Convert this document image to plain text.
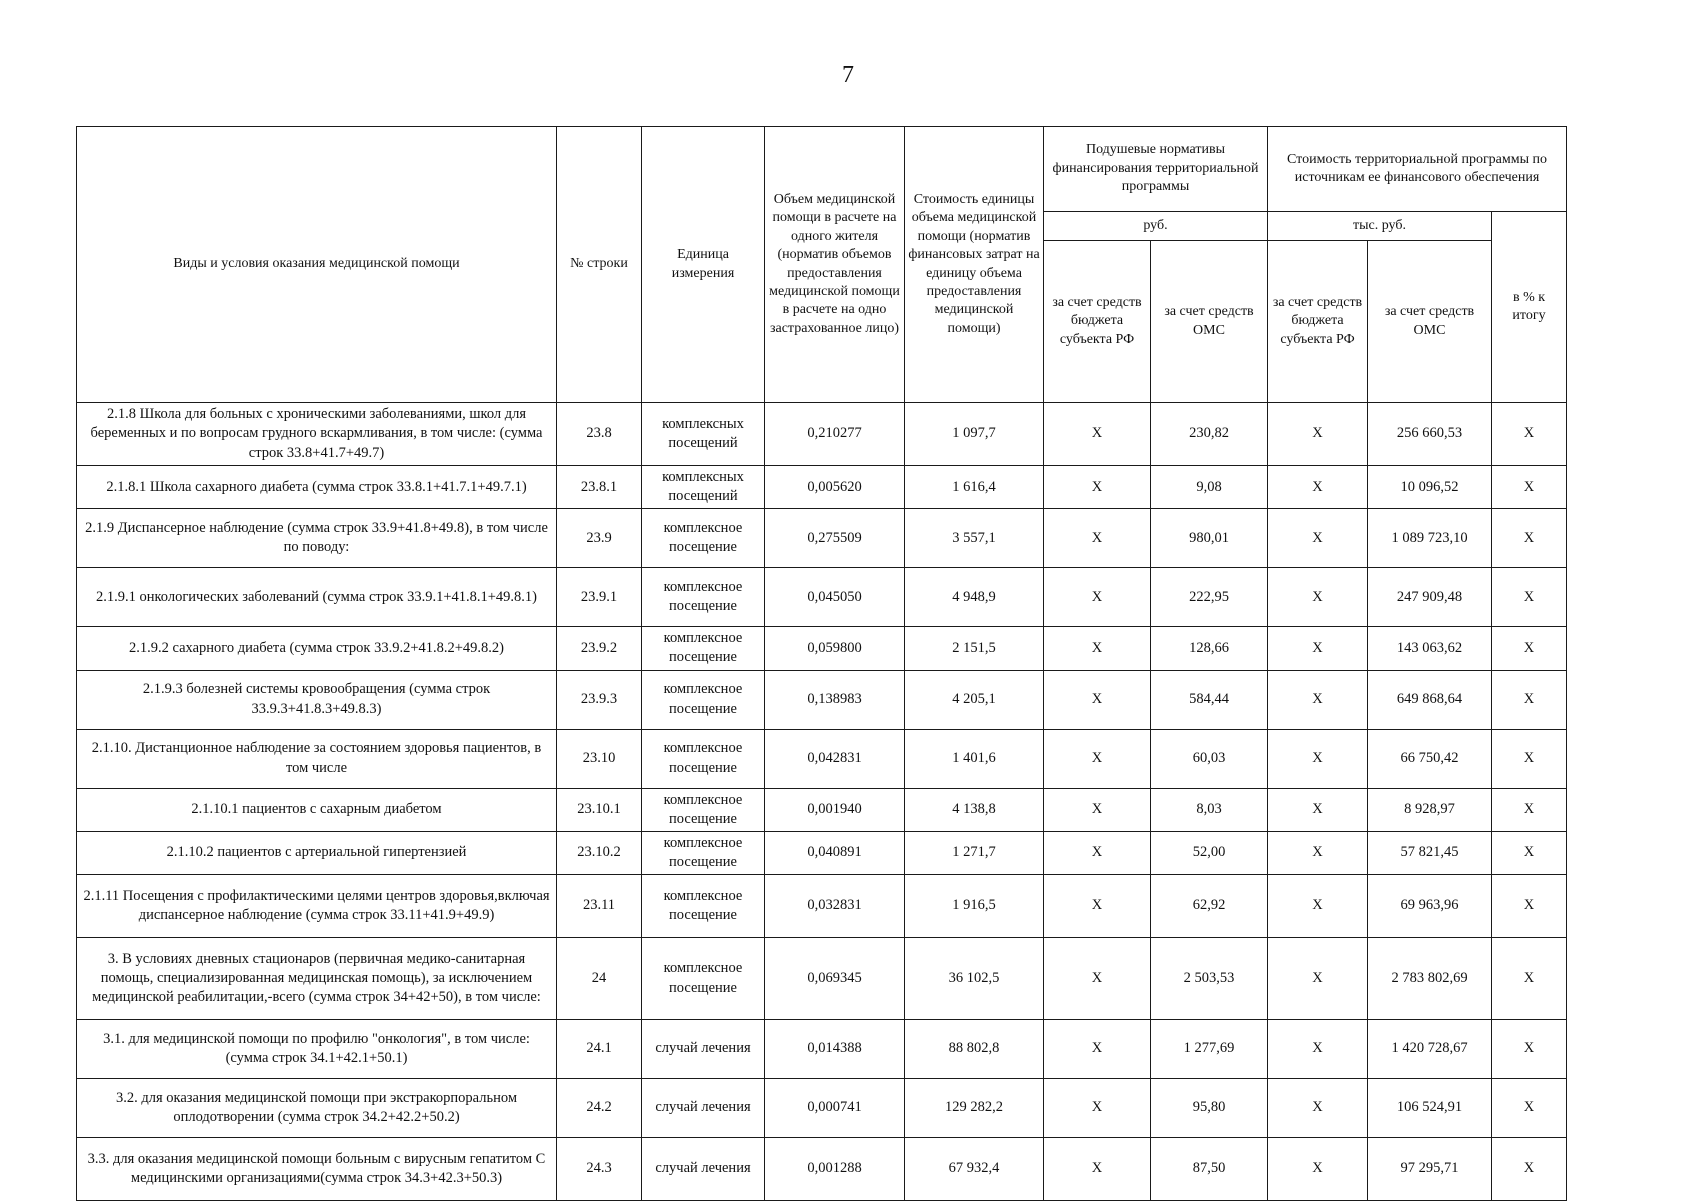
7
Виды и условия оказания медицинской помощи	№ строки	Единица измерения	Объем медицинской помощи в расчете на одного жителя (норматив объемов предоставления медицинской помощи в расчете на одно застрахованное лицо)	Стоимость единицы объема медицинской помощи (норматив финансовых затрат на единицу объема предоставления медицинской помощи)	Подушевые нормативы финансирования территориальной программы		Стоимость территориальной программы по источникам ее финансового обеспечения		
					руб.		тыс. руб.		в % к итогу
					за счет средств бюджета субъекта РФ	за счет средств ОМС	за счет средств бюджета субъекта РФ	за счет средств ОМС	
2.1.8 Школа для больных с хроническими заболеваниями, школ для беременных и по вопросам грудного вскармливания, в том числе: (сумма строк 33.8+41.7+49.7)	23.8	комплексных посещений	0,210277	1 097,7	X	230,82	X	256 660,53	X
2.1.8.1 Школа сахарного диабета (сумма строк 33.8.1+41.7.1+49.7.1)	23.8.1	комплексных посещений	0,005620	1 616,4	X	9,08	X	10 096,52	X
2.1.9 Диспансерное наблюдение (сумма строк 33.9+41.8+49.8), в том числе по поводу:	23.9	комплексное посещение	0,275509	3 557,1	X	980,01	X	1 089 723,10	X
2.1.9.1 онкологических заболеваний (сумма строк 33.9.1+41.8.1+49.8.1)	23.9.1	комплексное посещение	0,045050	4 948,9	X	222,95	X	247 909,48	X
2.1.9.2 сахарного диабета (сумма строк 33.9.2+41.8.2+49.8.2)	23.9.2	комплексное посещение	0,059800	2 151,5	X	128,66	X	143 063,62	X
2.1.9.3 болезней системы кровообращения (сумма строк 33.9.3+41.8.3+49.8.3)	23.9.3	комплексное посещение	0,138983	4 205,1	X	584,44	X	649 868,64	X
2.1.10. Дистанционное наблюдение за состоянием здоровья пациентов, в том числе	23.10	комплексное посещение	0,042831	1 401,6	X	60,03	X	66 750,42	X
2.1.10.1 пациентов с сахарным диабетом	23.10.1	комплексное посещение	0,001940	4 138,8	X	8,03	X	8 928,97	X
2.1.10.2 пациентов с артериальной гипертензией	23.10.2	комплексное посещение	0,040891	1 271,7	X	52,00	X	57 821,45	X
2.1.11 Посещения с профилактическими целями центров здоровья,включая диспансерное наблюдение (сумма строк 33.11+41.9+49.9)	23.11	комплексное посещение	0,032831	1 916,5	X	62,92	X	69 963,96	X
3. В условиях дневных стационаров (первичная медико-санитарная помощь, специализированная медицинская помощь), за исключением медицинской реабилитации,-всего (сумма строк 34+42+50), в том числе:	24	комплексное посещение	0,069345	36 102,5	X	2 503,53	X	2 783 802,69	X
3.1. для медицинской помощи по профилю "онкология", в том числе: (сумма строк 34.1+42.1+50.1)	24.1	случай лечения	0,014388	88 802,8	X	1 277,69	X	1 420 728,67	X
3.2. для оказания медицинской помощи при экстракорпоральном оплодотворении (сумма строк 34.2+42.2+50.2)	24.2	случай лечения	0,000741	129 282,2	X	95,80	X	106 524,91	X
3.3. для оказания медицинской помощи больным с вирусным гепатитом С медицинскими организациями(сумма строк 34.3+42.3+50.3)	24.3	случай лечения	0,001288	67 932,4	X	87,50	X	97 295,71	X
